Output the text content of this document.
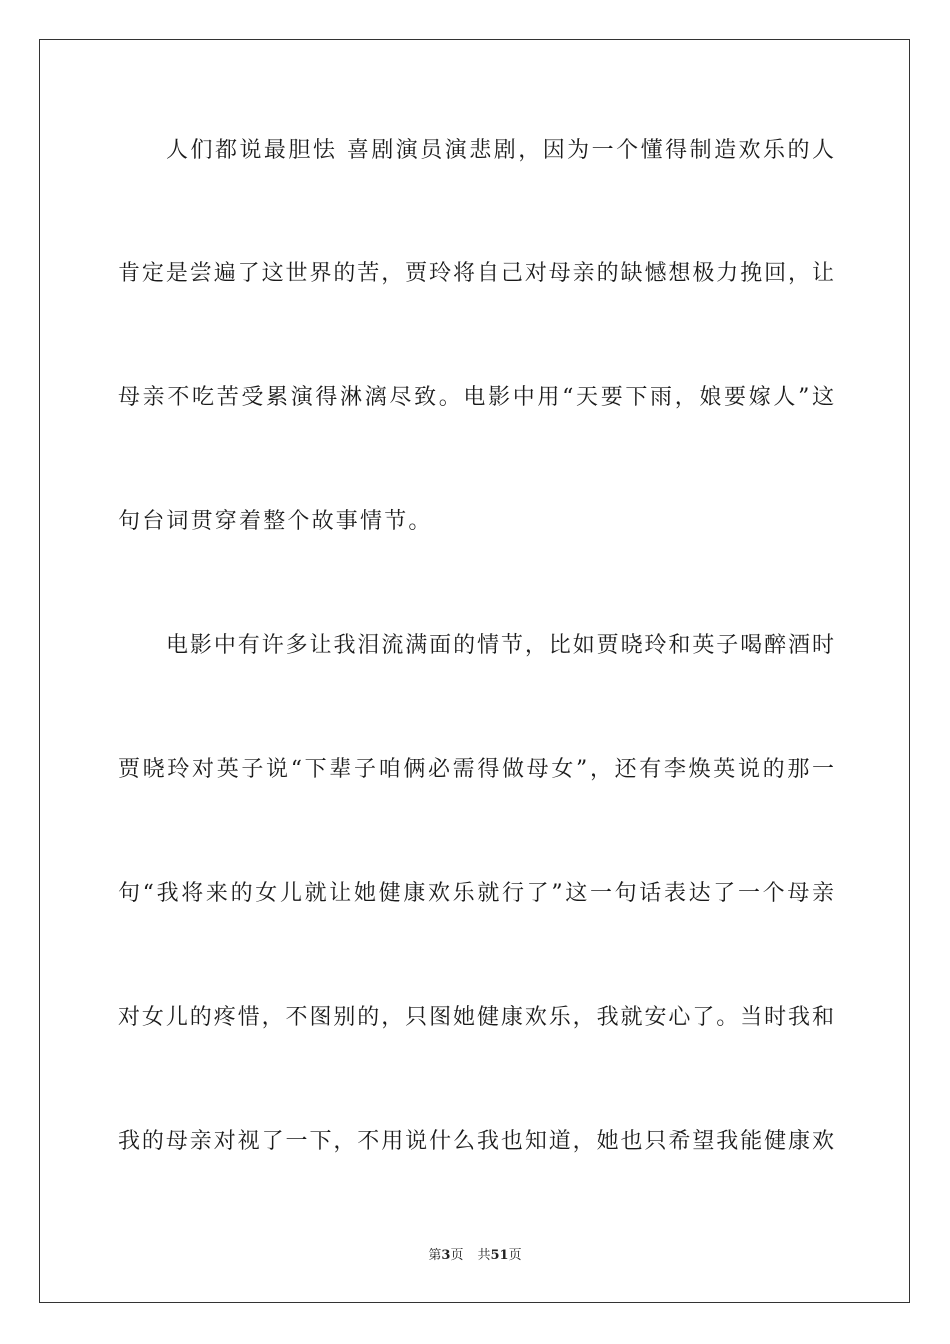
人们都说最胆怯 喜剧演员演悲剧，因为一个懂得制造欢乐的人
肯定是尝遍了这世界的苦，贾玲将自己对母亲的缺憾想极力挽回，让
母亲不吃苦受累演得淋漓尽致。电影中用“天要下雨，娘要嫁人”这
句台词贯穿着整个故事情节。
电影中有许多让我泪流满面的情节，比如贾晓玲和英子喝醉酒时
贾晓玲对英子说“下辈子咱俩必需得做母女”，还有李焕英说的那一
句“我将来的女儿就让她健康欢乐就行了”这一句话表达了一个母亲
对女儿的疼惜，不图别的，只图她健康欢乐，我就安心了。当时我和
我的母亲对视了一下，不用说什么我也知道，她也只希望我能健康欢
第3页 共51页
